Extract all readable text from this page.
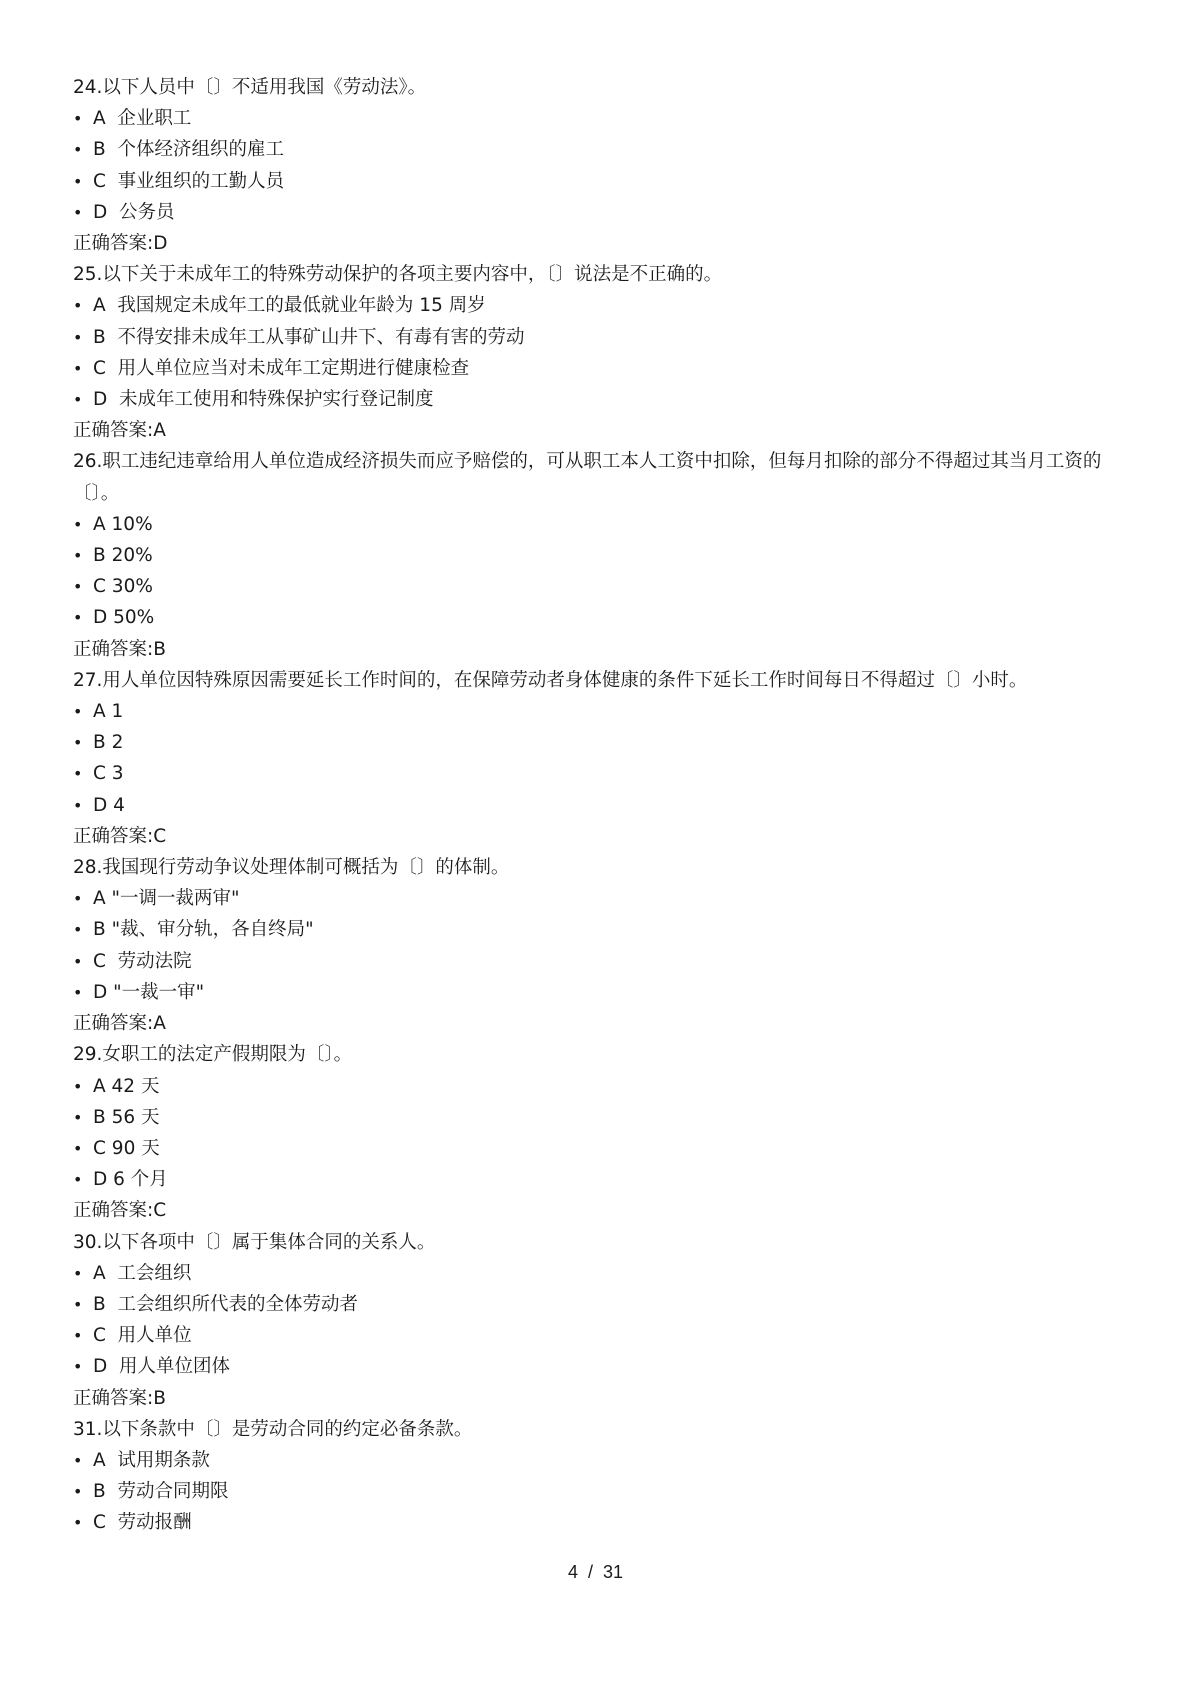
24.以下人员中〔〕不适用我国《劳动法》。
• A  企业职工
• B  个体经济组织的雇工
• C  事业组织的工勤人员
• D  公务员
正确答案:D
25.以下关于未成年工的特殊劳动保护的各项主要内容中，〔〕说法是不正确的。
• A  我国规定未成年工的最低就业年龄为 15 周岁
• B  不得安排未成年工从事矿山井下、有毒有害的劳动
• C  用人单位应当对未成年工定期进行健康检查
• D  未成年工使用和特殊保护实行登记制度
正确答案:A
26.职工违纪违章给用人单位造成经济损失而应予赔偿的，可从职工本人工资中扣除，但每月扣除的部分不得超过其当月工资的〔〕。
• A 10%
• B 20%
• C 30%
• D 50%
正确答案:B
27.用人单位因特殊原因需要延长工作时间的，在保障劳动者身体健康的条件下延长工作时间每日不得超过〔〕小时。
• A 1
• B 2
• C 3
• D 4
正确答案:C
28.我国现行劳动争议处理体制可概括为〔〕的体制。
• A "一调一裁两审"
• B "裁、审分轨，各自终局"
• C  劳动法院
• D "一裁一审"
正确答案:A
29.女职工的法定产假期限为〔〕。
• A 42 天
• B 56 天
• C 90 天
• D 6 个月
正确答案:C
30.以下各项中〔〕属于集体合同的关系人。
• A  工会组织
• B  工会组织所代表的全体劳动者
• C  用人单位
• D  用人单位团体
正确答案:B
31.以下条款中〔〕是劳动合同的约定必备条款。
• A  试用期条款
• B  劳动合同期限
• C  劳动报酬
4  /  31
